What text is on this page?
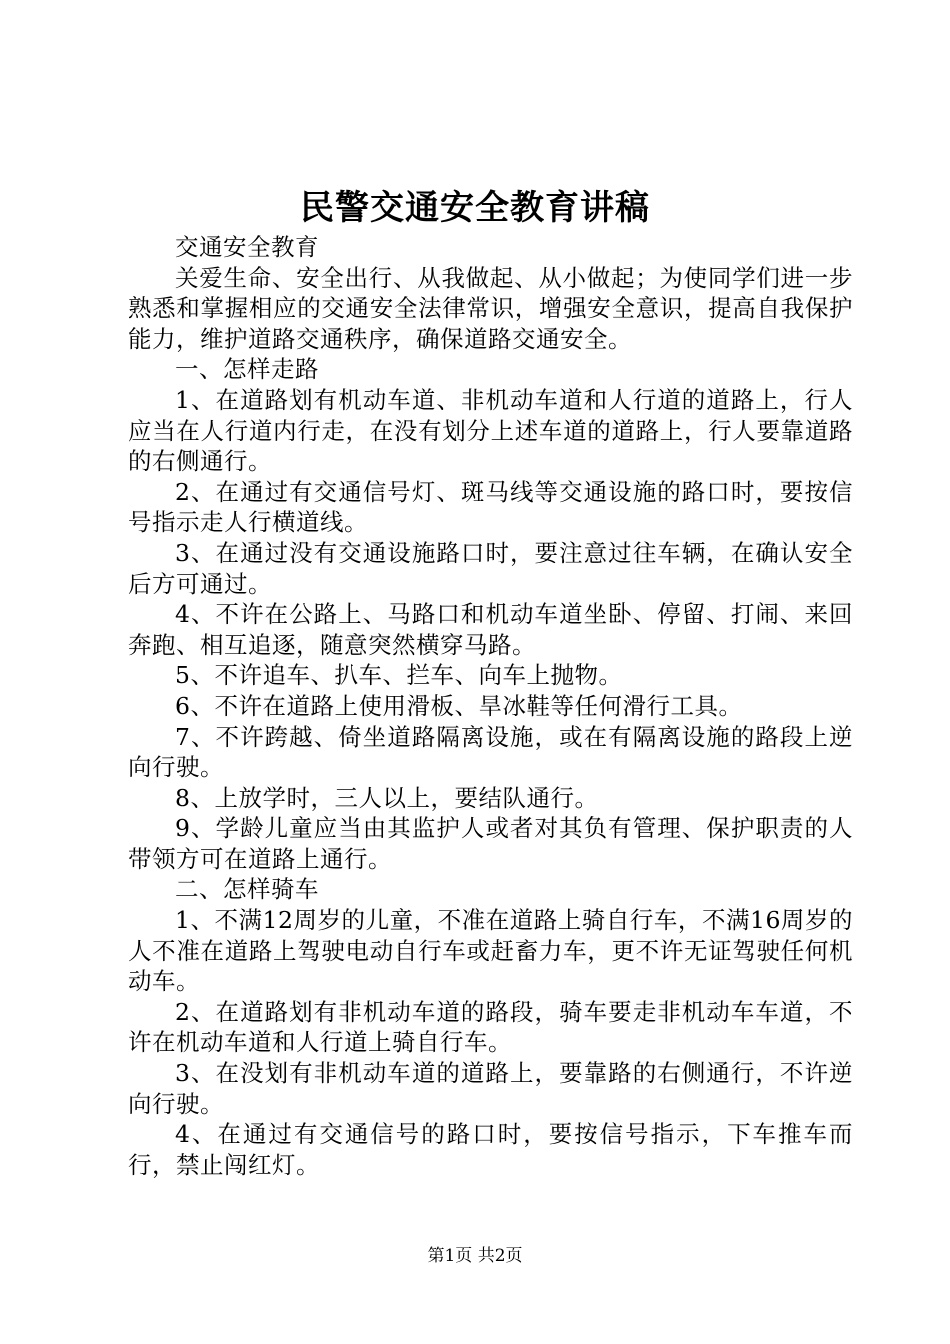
民警交通安全教育讲稿

交通安全教育

关爱生命、安全出行、从我做起、从小做起；为使同学们进一步熟悉和掌握相应的交通安全法律常识，增强安全意识，提高自我保护能力，维护道路交通秩序，确保道路交通安全。

一、怎样走路

1、在道路划有机动车道、非机动车道和人行道的道路上，行人应当在人行道内行走，在没有划分上述车道的道路上，行人要靠道路的右侧通行。

2、在通过有交通信号灯、斑马线等交通设施的路口时，要按信号指示走人行横道线。

3、在通过没有交通设施路口时，要注意过往车辆，在确认安全后方可通过。

4、不许在公路上、马路口和机动车道坐卧、停留、打闹、来回奔跑、相互追逐，随意突然横穿马路。

5、不许追车、扒车、拦车、向车上抛物。

6、不许在道路上使用滑板、旱冰鞋等任何滑行工具。

7、不许跨越、倚坐道路隔离设施，或在有隔离设施的路段上逆向行驶。

8、上放学时，三人以上，要结队通行。

9、学龄儿童应当由其监护人或者对其负有管理、保护职责的人带领方可在道路上通行。

二、怎样骑车

1、不满12周岁的儿童，不准在道路上骑自行车，不满16周岁的人不准在道路上驾驶电动自行车或赶畜力车，更不许无证驾驶任何机动车。

2、在道路划有非机动车道的路段，骑车要走非机动车车道，不许在机动车道和人行道上骑自行车。

3、在没划有非机动车道的道路上，要靠路的右侧通行，不许逆向行驶。

4、在通过有交通信号的路口时，要按信号指示，下车推车而行，禁止闯红灯。

第1页 共2页
